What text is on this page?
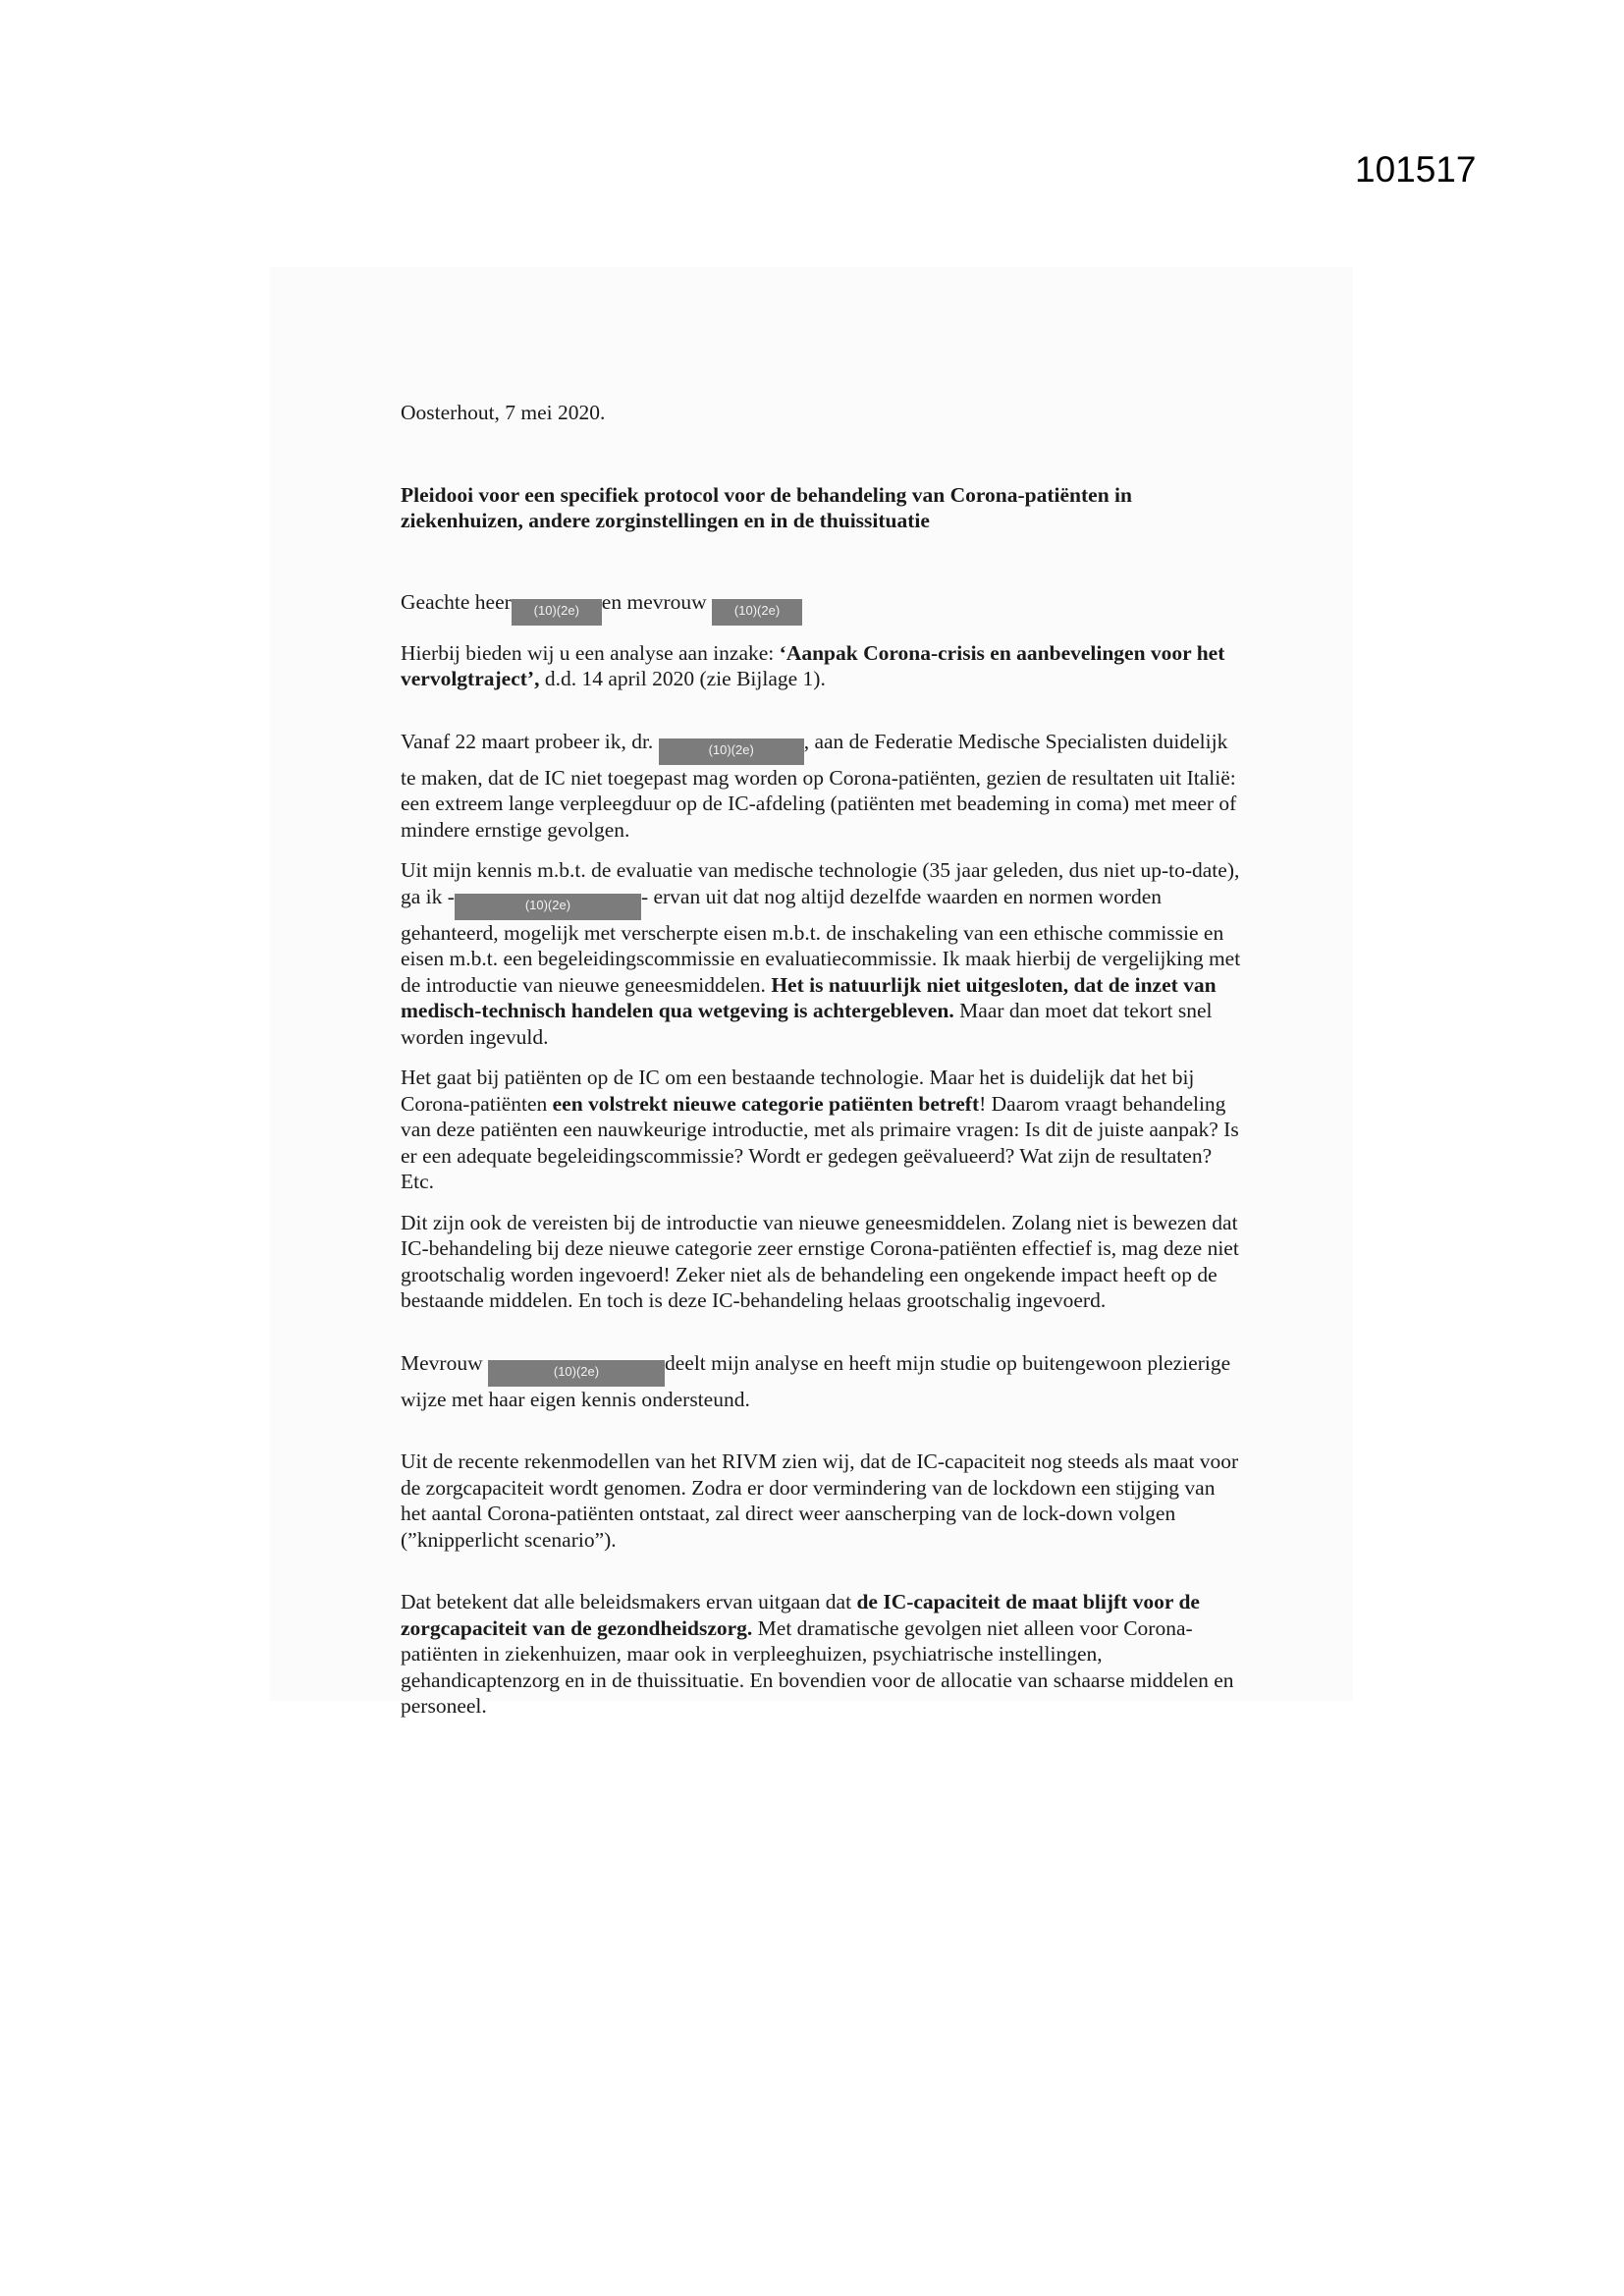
101517

Oosterhout, 7 mei 2020.

Pleidooi voor een specifiek protocol voor de behandeling van Corona-patiënten in ziekenhuizen, andere zorginstellingen en in de thuissituatie

Geachte heer (10)(2e) en mevrouw (10)(2e)

Hierbij bieden wij u een analyse aan inzake: ‘Aanpak Corona-crisis en aanbevelingen voor het vervolgtraject’, d.d. 14 april 2020 (zie Bijlage 1).

Vanaf 22 maart probeer ik, dr.	(10)(2e) , aan de Federatie Medische Specialisten duidelijk te maken, dat de IC niet toegepast mag worden op Corona-patiënten, gezien de resultaten uit Italië: een extreem lange verpleegduur op de IC-afdeling (patiënten met beademing in coma) met meer of mindere ernstige gevolgen.

Uit mijn kennis m.b.t. de evaluatie van medische technologie (35 jaar geleden, dus niet up-to-date), ga ik -	(10)(2e)	- ervan uit dat nog altijd dezelfde waarden en normen worden gehanteerd, mogelijk met verscherpte eisen m.b.t. de inschakeling van een ethische commissie en eisen m.b.t. een begeleidingscommissie en evaluatiecommissie. Ik maak hierbij de vergelijking met de introductie van nieuwe geneesmiddelen. Het is natuurlijk niet uitgesloten, dat de inzet van medisch-technisch handelen qua wetgeving is achtergebleven. Maar dan moet dat tekort snel worden ingevuld.

Het gaat bij patiënten op de IC om een bestaande technologie. Maar het is duidelijk dat het bij Corona-patiënten een volstrekt nieuwe categorie patiënten betreft! Daarom vraagt behandeling van deze patiënten een nauwkeurige introductie, met als primaire vragen: Is dit de juiste aanpak? Is er een adequate begeleidingscommissie? Wordt er gedegen geëvalueerd? Wat zijn de resultaten? Etc.

Dit zijn ook de vereisten bij de introductie van nieuwe geneesmiddelen. Zolang niet is bewezen dat IC-behandeling bij deze nieuwe categorie zeer ernstige Corona-patiënten effectief is, mag deze niet grootschalig worden ingevoerd! Zeker niet als de behandeling een ongekende impact heeft op de bestaande middelen. En toch is deze IC-behandeling helaas grootschalig ingevoerd.

Mevrouw	(10)(2e)	deelt mijn analyse en heeft mijn studie op buitengewoon plezierige wijze met haar eigen kennis ondersteund.

Uit de recente rekenmodellen van het RIVM zien wij, dat de IC-capaciteit nog steeds als maat voor de zorgcapaciteit wordt genomen. Zodra er door vermindering van de lockdown een stijging van het aantal Corona-patiënten ontstaat, zal direct weer aanscherping van de lock-down volgen (”knipperlicht scenario”).

Dat betekent dat alle beleidsmakers ervan uitgaan dat de IC-capaciteit de maat blijft voor de zorgcapaciteit van de gezondheidszorg. Met dramatische gevolgen niet alleen voor Corona-patiënten in ziekenhuizen, maar ook in verpleeghuizen, psychiatrische instellingen, gehandicaptenzorg en in de thuissituatie. En bovendien voor de allocatie van schaarse middelen en personeel.
